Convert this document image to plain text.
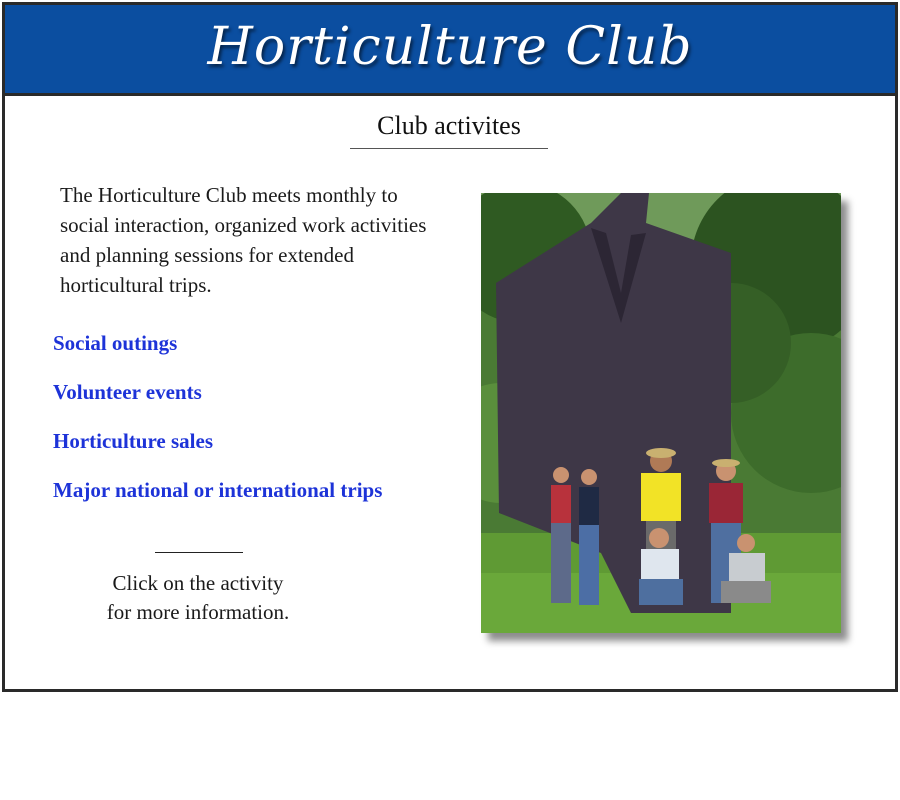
Horticulture Club
Club activites

The Horticulture Club meets monthly to social interaction, organized work activities and planning sessions for extended horticultural trips.

Social outings
Volunteer events
Horticulture sales
Major national or international trips

Click on the activity
for more information.
